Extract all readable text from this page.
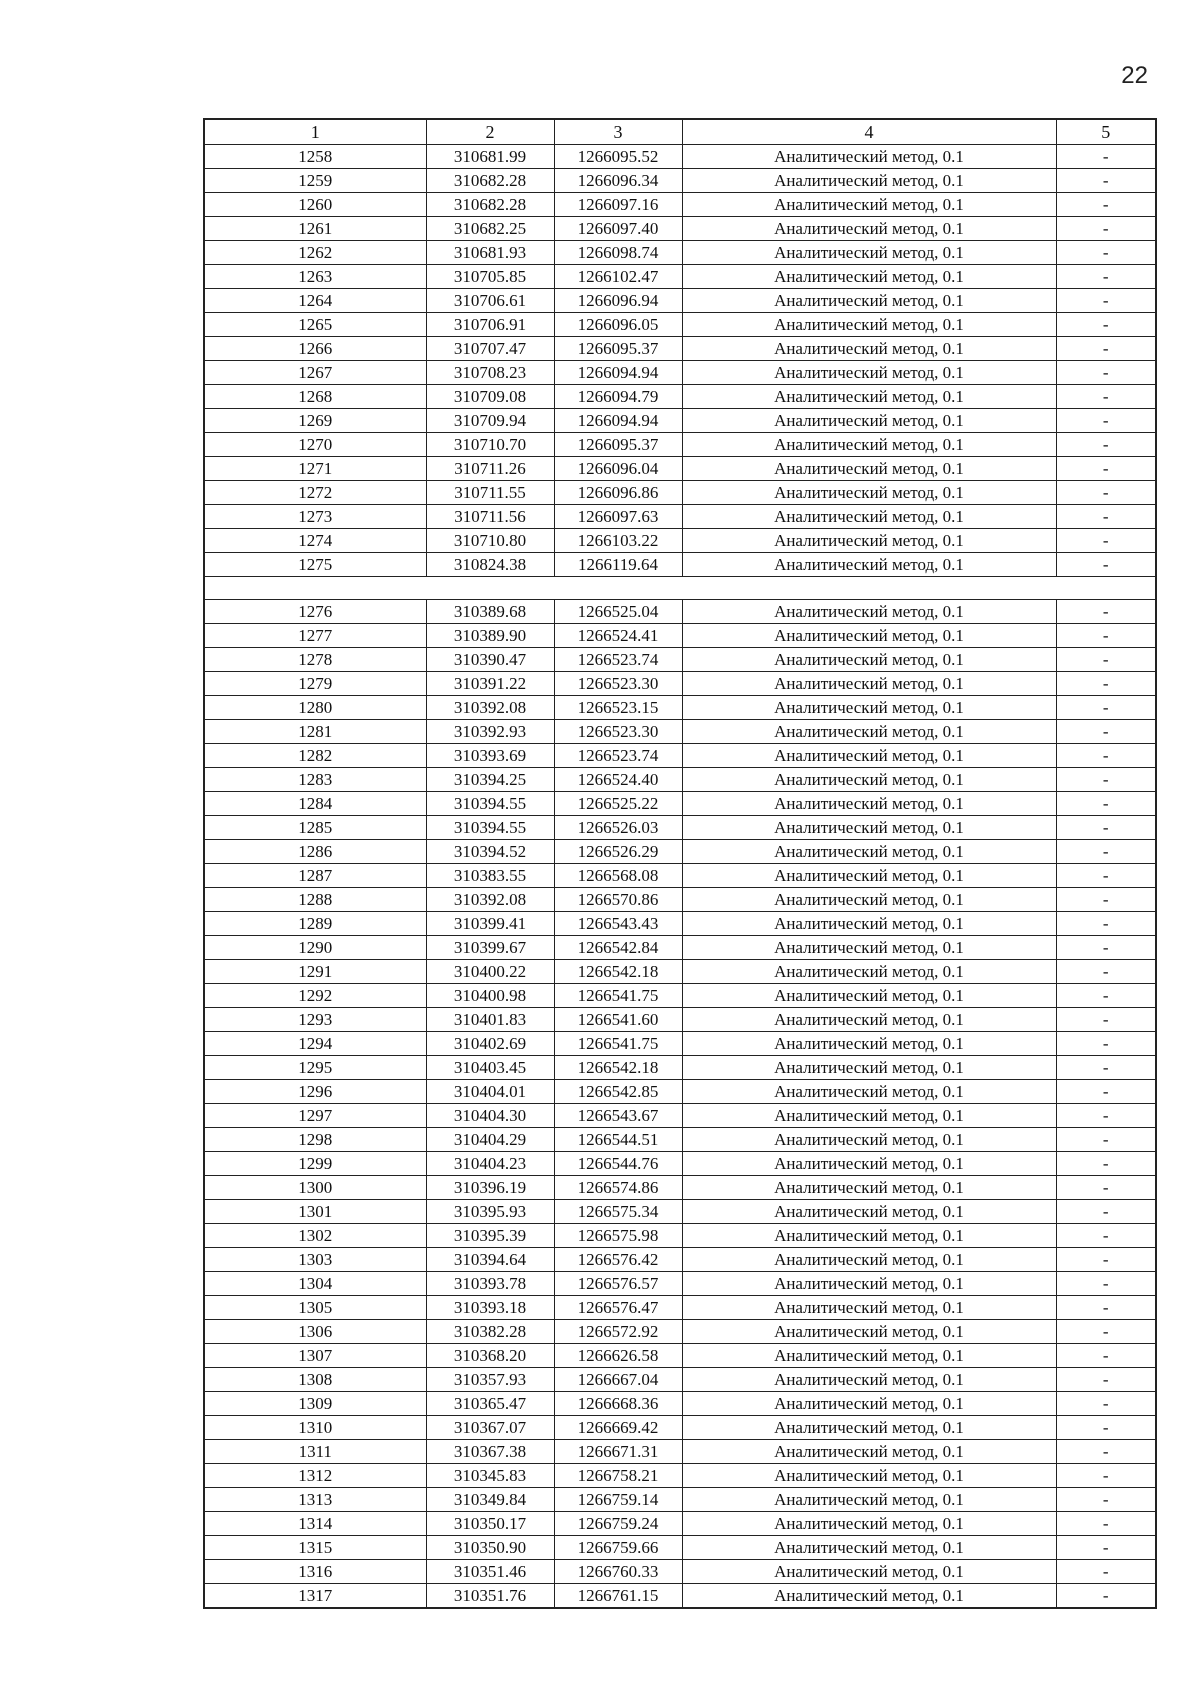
22
1	2	3	4	5
1258	310681.99	1266095.52	Аналитический метод, 0.1	-
1259	310682.28	1266096.34	Аналитический метод, 0.1	-
1260	310682.28	1266097.16	Аналитический метод, 0.1	-
1261	310682.25	1266097.40	Аналитический метод, 0.1	-
1262	310681.93	1266098.74	Аналитический метод, 0.1	-
1263	310705.85	1266102.47	Аналитический метод, 0.1	-
1264	310706.61	1266096.94	Аналитический метод, 0.1	-
1265	310706.91	1266096.05	Аналитический метод, 0.1	-
1266	310707.47	1266095.37	Аналитический метод, 0.1	-
1267	310708.23	1266094.94	Аналитический метод, 0.1	-
1268	310709.08	1266094.79	Аналитический метод, 0.1	-
1269	310709.94	1266094.94	Аналитический метод, 0.1	-
1270	310710.70	1266095.37	Аналитический метод, 0.1	-
1271	310711.26	1266096.04	Аналитический метод, 0.1	-
1272	310711.55	1266096.86	Аналитический метод, 0.1	-
1273	310711.56	1266097.63	Аналитический метод, 0.1	-
1274	310710.80	1266103.22	Аналитический метод, 0.1	-
1275	310824.38	1266119.64	Аналитический метод, 0.1	-

1276	310389.68	1266525.04	Аналитический метод, 0.1	-
1277	310389.90	1266524.41	Аналитический метод, 0.1	-
1278	310390.47	1266523.74	Аналитический метод, 0.1	-
1279	310391.22	1266523.30	Аналитический метод, 0.1	-
1280	310392.08	1266523.15	Аналитический метод, 0.1	-
1281	310392.93	1266523.30	Аналитический метод, 0.1	-
1282	310393.69	1266523.74	Аналитический метод, 0.1	-
1283	310394.25	1266524.40	Аналитический метод, 0.1	-
1284	310394.55	1266525.22	Аналитический метод, 0.1	-
1285	310394.55	1266526.03	Аналитический метод, 0.1	-
1286	310394.52	1266526.29	Аналитический метод, 0.1	-
1287	310383.55	1266568.08	Аналитический метод, 0.1	-
1288	310392.08	1266570.86	Аналитический метод, 0.1	-
1289	310399.41	1266543.43	Аналитический метод, 0.1	-
1290	310399.67	1266542.84	Аналитический метод, 0.1	-
1291	310400.22	1266542.18	Аналитический метод, 0.1	-
1292	310400.98	1266541.75	Аналитический метод, 0.1	-
1293	310401.83	1266541.60	Аналитический метод, 0.1	-
1294	310402.69	1266541.75	Аналитический метод, 0.1	-
1295	310403.45	1266542.18	Аналитический метод, 0.1	-
1296	310404.01	1266542.85	Аналитический метод, 0.1	-
1297	310404.30	1266543.67	Аналитический метод, 0.1	-
1298	310404.29	1266544.51	Аналитический метод, 0.1	-
1299	310404.23	1266544.76	Аналитический метод, 0.1	-
1300	310396.19	1266574.86	Аналитический метод, 0.1	-
1301	310395.93	1266575.34	Аналитический метод, 0.1	-
1302	310395.39	1266575.98	Аналитический метод, 0.1	-
1303	310394.64	1266576.42	Аналитический метод, 0.1	-
1304	310393.78	1266576.57	Аналитический метод, 0.1	-
1305	310393.18	1266576.47	Аналитический метод, 0.1	-
1306	310382.28	1266572.92	Аналитический метод, 0.1	-
1307	310368.20	1266626.58	Аналитический метод, 0.1	-
1308	310357.93	1266667.04	Аналитический метод, 0.1	-
1309	310365.47	1266668.36	Аналитический метод, 0.1	-
1310	310367.07	1266669.42	Аналитический метод, 0.1	-
1311	310367.38	1266671.31	Аналитический метод, 0.1	-
1312	310345.83	1266758.21	Аналитический метод, 0.1	-
1313	310349.84	1266759.14	Аналитический метод, 0.1	-
1314	310350.17	1266759.24	Аналитический метод, 0.1	-
1315	310350.90	1266759.66	Аналитический метод, 0.1	-
1316	310351.46	1266760.33	Аналитический метод, 0.1	-
1317	310351.76	1266761.15	Аналитический метод, 0.1	-
